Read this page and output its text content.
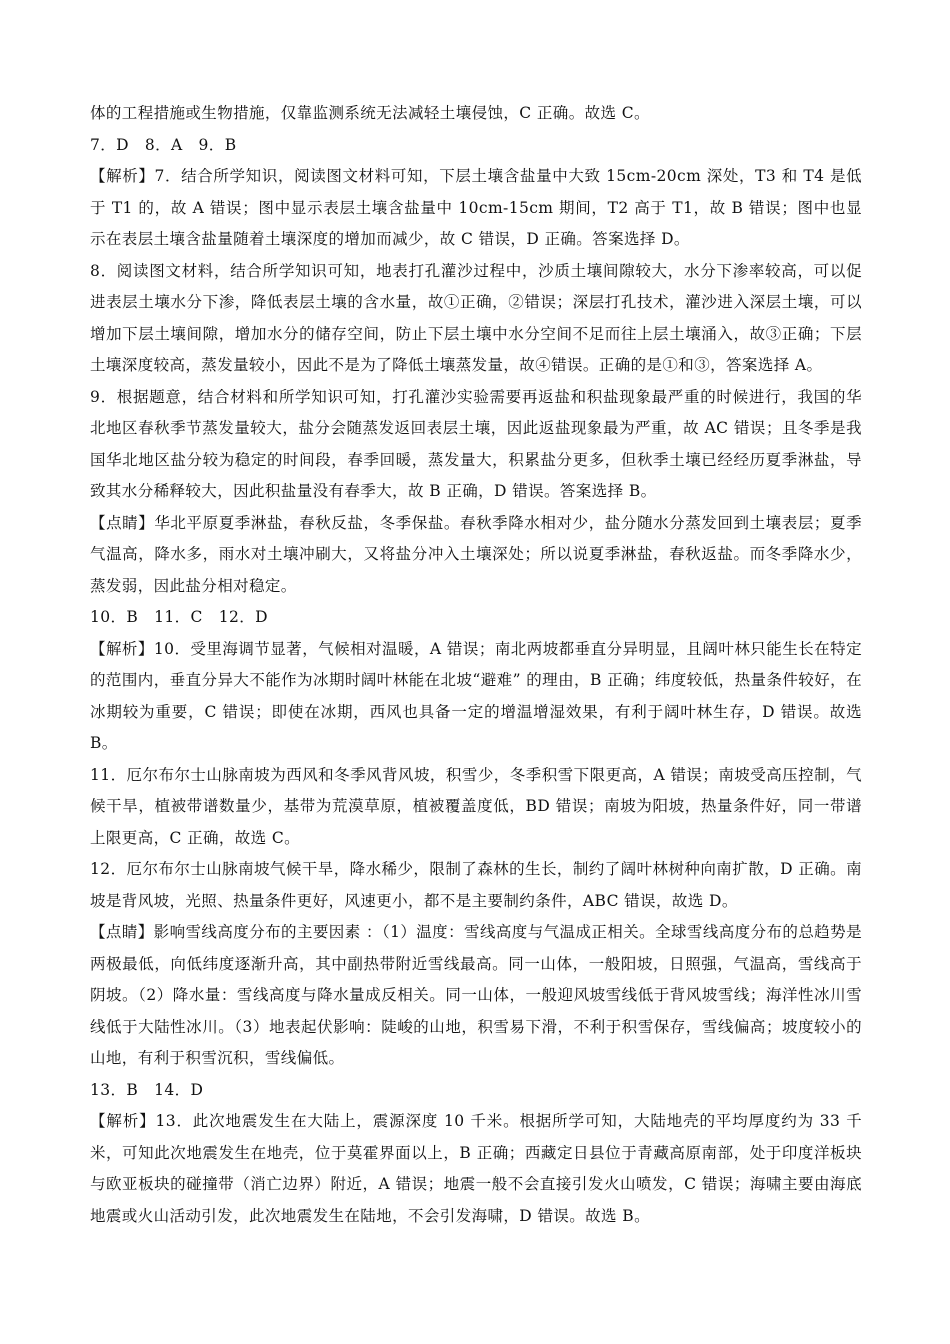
体的工程措施或生物措施，仅靠监测系统无法减轻土壤侵蚀，C 正确。故选 C。

7．D　8．A　9．B

【解析】7．结合所学知识，阅读图文材料可知，下层土壤含盐量中大致 15cm-20cm 深处，T3 和 T4 是低于 T1 的，故 A 错误；图中显示表层土壤含盐量中 10cm-15cm 期间，T2 高于 T1，故 B 错误；图中也显示在表层土壤含盐量随着土壤深度的增加而减少，故 C 错误，D 正确。答案选择 D。

8．阅读图文材料，结合所学知识可知，地表打孔灌沙过程中，沙质土壤间隙较大，水分下渗率较高，可以促进表层土壤水分下渗，降低表层土壤的含水量，故①正确，②错误；深层打孔技术，灌沙进入深层土壤，可以增加下层土壤间隙，增加水分的储存空间，防止下层土壤中水分空间不足而往上层土壤涌入，故③正确；下层土壤深度较高，蒸发量较小，因此不是为了降低土壤蒸发量，故④错误。正确的是①和③，答案选择 A。

9．根据题意，结合材料和所学知识可知，打孔灌沙实验需要再返盐和积盐现象最严重的时候进行，我国的华北地区春秋季节蒸发量较大，盐分会随蒸发返回表层土壤，因此返盐现象最为严重，故 AC 错误；且冬季是我国华北地区盐分较为稳定的时间段，春季回暖，蒸发量大，积累盐分更多，但秋季土壤已经经历夏季淋盐，导致其水分稀释较大，因此积盐量没有春季大，故 B 正确，D 错误。答案选择 B。

【点睛】华北平原夏季淋盐，春秋反盐，冬季保盐。春秋季降水相对少，盐分随水分蒸发回到土壤表层；夏季气温高，降水多，雨水对土壤冲刷大，又将盐分冲入土壤深处；所以说夏季淋盐，春秋返盐。而冬季降水少，蒸发弱，因此盐分相对稳定。

10．B　11．C　12．D

【解析】10．受里海调节显著，气候相对温暖，A 错误；南北两坡都垂直分异明显，且阔叶林只能生长在特定的范围内，垂直分异大不能作为冰期时阔叶林能在北坡“避难” 的理由，B 正确；纬度较低，热量条件较好，在冰期较为重要，C 错误；即使在冰期，西风也具备一定的增温增湿效果，有利于阔叶林生存，D 错误。故选 B。

11．厄尔布尔士山脉南坡为西风和冬季风背风坡，积雪少，冬季积雪下限更高，A 错误；南坡受高压控制，气候干旱，植被带谱数量少，基带为荒漠草原，植被覆盖度低，BD 错误；南坡为阳坡，热量条件好，同一带谱上限更高，C 正确，故选 C。

12．厄尔布尔士山脉南坡气候干旱，降水稀少，限制了森林的生长，制约了阔叶林树种向南扩散，D 正确。南坡是背风坡，光照、热量条件更好，风速更小，都不是主要制约条件，ABC 错误，故选 D。

【点睛】影响雪线高度分布的主要因素 ：（1）温度：雪线高度与气温成正相关。全球雪线高度分布的总趋势是两极最低，向低纬度逐渐升高，其中副热带附近雪线最高。同一山体，一般阳坡，日照强，气温高，雪线高于阴坡。（2）降水量：雪线高度与降水量成反相关。同一山体，一般迎风坡雪线低于背风坡雪线；海洋性冰川雪线低于大陆性冰川。（3）地表起伏影响：陡峻的山地，积雪易下滑，不利于积雪保存，雪线偏高；坡度较小的山地，有利于积雪沉积，雪线偏低。

13．B　14．D

【解析】13．此次地震发生在大陆上，震源深度 10 千米。根据所学可知，大陆地壳的平均厚度约为 33 千米，可知此次地震发生在地壳，位于莫霍界面以上，B 正确；西藏定日县位于青藏高原南部，处于印度洋板块与欧亚板块的碰撞带（消亡边界）附近，A 错误；地震一般不会直接引发火山喷发，C 错误；海啸主要由海底地震或火山活动引发，此次地震发生在陆地，不会引发海啸，D 错误。故选 B。
